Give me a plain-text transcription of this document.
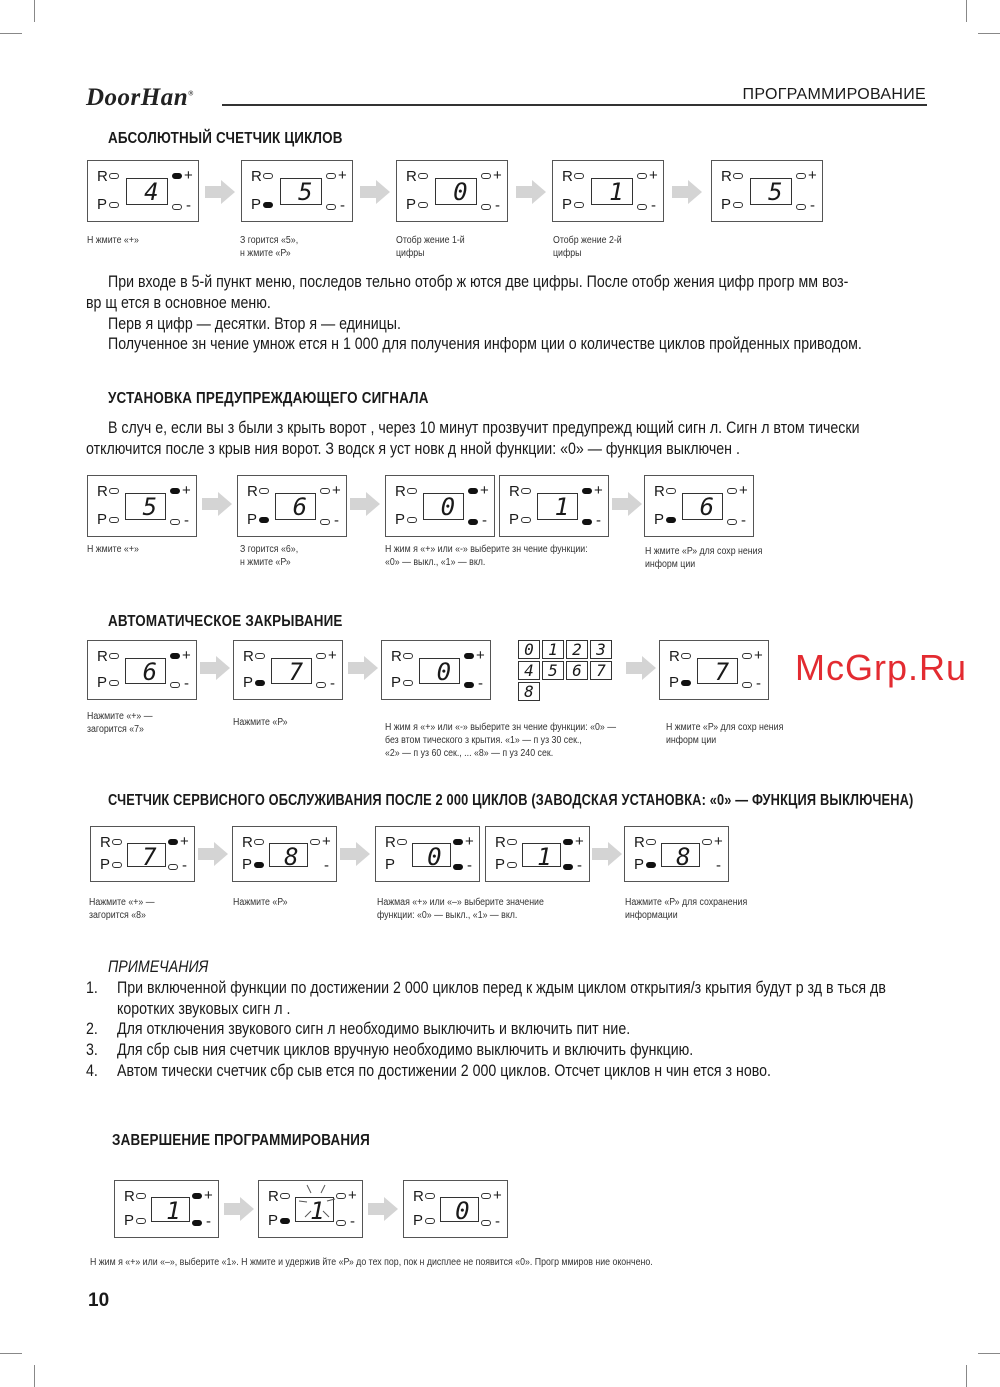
DoorHan®	ПРОГРАММИРОВАНИЕ
АБСОЛЮТНЫЙ СЧЕТЧИК ЦИКЛОВ
УСТАНОВКА ПРЕДУПРЕЖДАЮЩЕГО СИГНАЛА
АВТОМАТИЧЕСКОЕ ЗАКРЫВАНИЕ
СЧЕТЧИК СЕРВИСНОГО ОБСЛУЖИВАНИЯ ПОСЛЕ 2 000 ЦИКЛОВ (ЗАВОДСКАЯ УСТАНОВКА: «0» — ФУНКЦИЯ ВЫКЛЮЧЕНА)
ЗАВЕРШЕНИЕ ПРОГРАММИРОВАНИЯ
При входе в 5-й пункт меню, последов тельно отобр ж ются две цифры. После отобр жения цифр прогр мм воз-
вр щ ется в основное меню.
Перв я цифр — десятки. Втор я — единицы.
Полученное зн чение умнож ется н 1 000 для получения информ ции о количестве циклов пройденных приводом.
В случ е, если вы з были з крыть ворот , через 10 минут прозвучит предупрежд ющий сигн л. Сигн л втом тически
отключится после з крыв ния ворот. З водск я уст новк д нной функции: «0» — функция выключен .
ПРИМЕЧАНИЯ
1. При включенной функции по достижении 2 000 циклов перед к ждым циклом открытия/з крытия будут р зд в ться дв
коротких звуковых сигн л .
2. Для отключения звукового сигн л необходимо выключить и включить пит ние.
3. Для сбр сыв ния счетчик циклов вручную необходимо выключить и включить функцию.
4. Автом тически счетчик сбр сыв ется по достижении 2 000 циклов. Отсчет циклов н чин ется з ново.
10
R
P	4
+
-
R
P	5
+
-
R
P	0
+
-
R
P	1
+
-
R
P	5
+
-
Н жмите «+»	З горится «5»,
н жмите «Р»
Отобр жение 1-й
цифры
Отобр жение 2-й
цифры
R
P	5
+
-
R
P	6
+
-
R
P	0
+
-
R
P	1
+
-
R
P	6
+
-
Н жмите «+»	З горится «6»,
н жмите «Р»
Н жим я «+» или «-» выберите зн чение функции:
«0» — выкл., «1» — вкл.
Н жмите «Р» для сохр нения
информ ции
R
P	6
+
-
R
P	7
+
-
R
P	0
+
-
R
P	7
+
-
Нажмите «+» —
загорится «7»
Нажмите «Р»	Н жим я «+» или «-» выберите зн чение функции: «0» —
без втом тического з крытия. «1» — п уз 30 сек.,
«2» — п уз 60 сек., ... «8» — п уз 240 сек.
Н жмите «Р» для сохр нения
информ ции
0 1 2 3
4 5 6 7
8
R
P	7
+
-
R
P	8
+
-
R
P	0
+
-
R
P	1
+
-
R
P	8
+
-
Нажмите «+» —
загорится «8»
Нажмите «Р»	Нажмая «+» или «–» выберите значение
функции: «0» — выкл., «1» — вкл.
Нажмите «Р» для сохранения
информации
R
P	1
+
-
R
P	1
+
-
R
P	0
+
-
Н жим я «+» или «–», выберите «1». Н жмите и удержив йте «Р» до тех пор, пок н дисплее не появится «0». Прогр ммиров ние окончено.
McGrp.Ru
